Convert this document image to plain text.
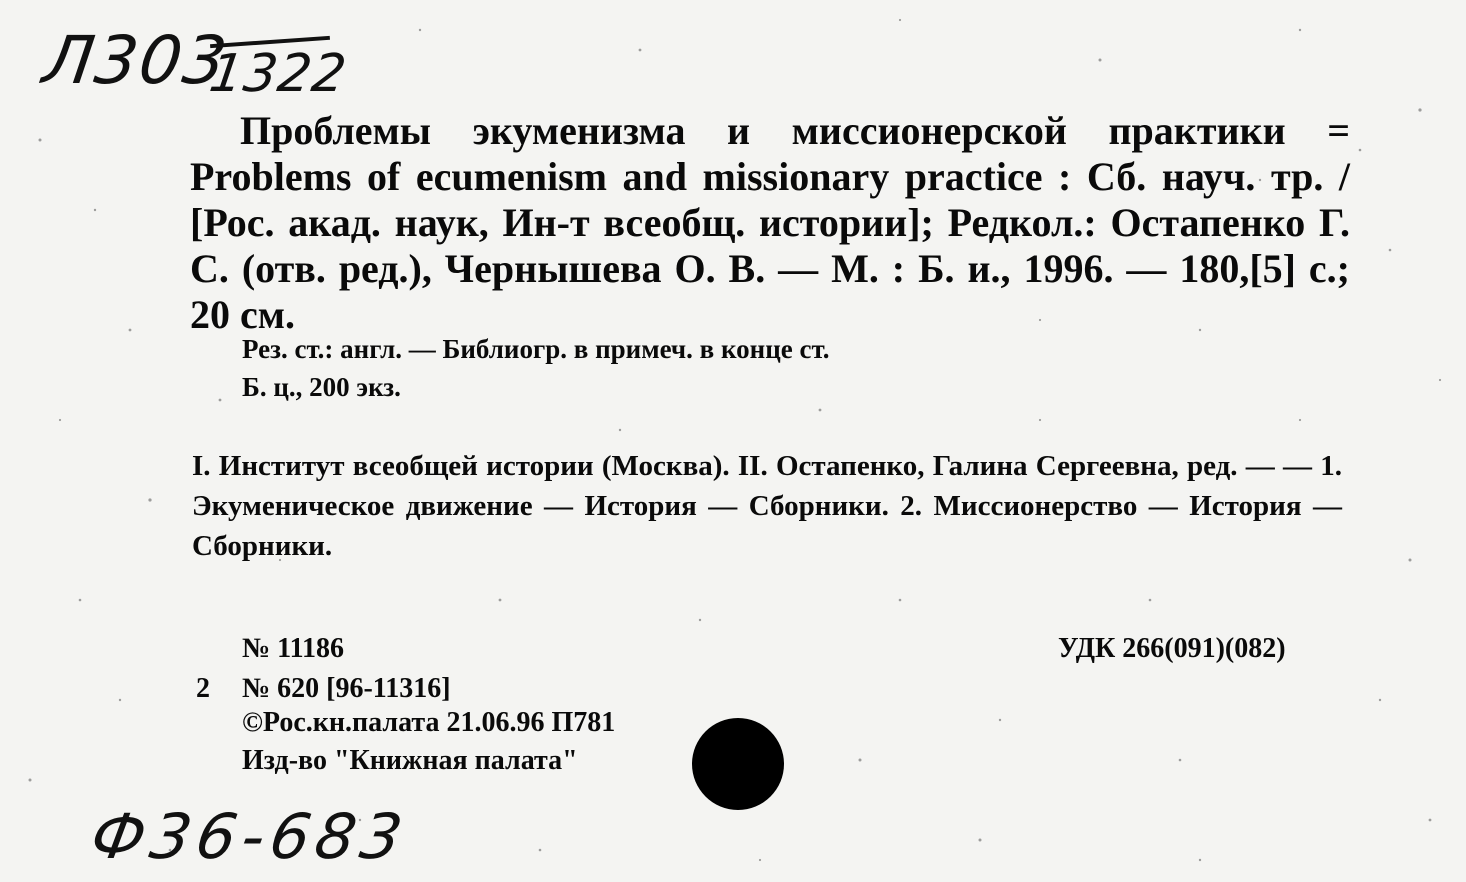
Л303
1322
Проблемы экуменизма и миссионерской практики = Problems of ecumenism and missionary practice : Сб. науч. тр. / [Рос. акад. наук, Ин-т всеобщ. истории]; Редкол.: Остапенко Г. С. (отв. ред.), Чернышева О. В. — М. : Б. и., 1996. — 180,[5] с.; 20 см.
Рез. ст.: англ. — Библиогр. в примеч. в конце ст.
Б. ц., 200 экз.
I. Институт всеобщей истории (Москва). II. Остапенко, Галина Сергеевна, ред. — — 1. Экуменическое движение — История — Сборники. 2. Миссионерство — История — Сборники.
№ 11186	УДК 266(091)(082)
2 № 620 [96-11316]
©Рос.кн.палата 21.06.96 П781
Изд-во "Книжная палата"
Ф36-683
